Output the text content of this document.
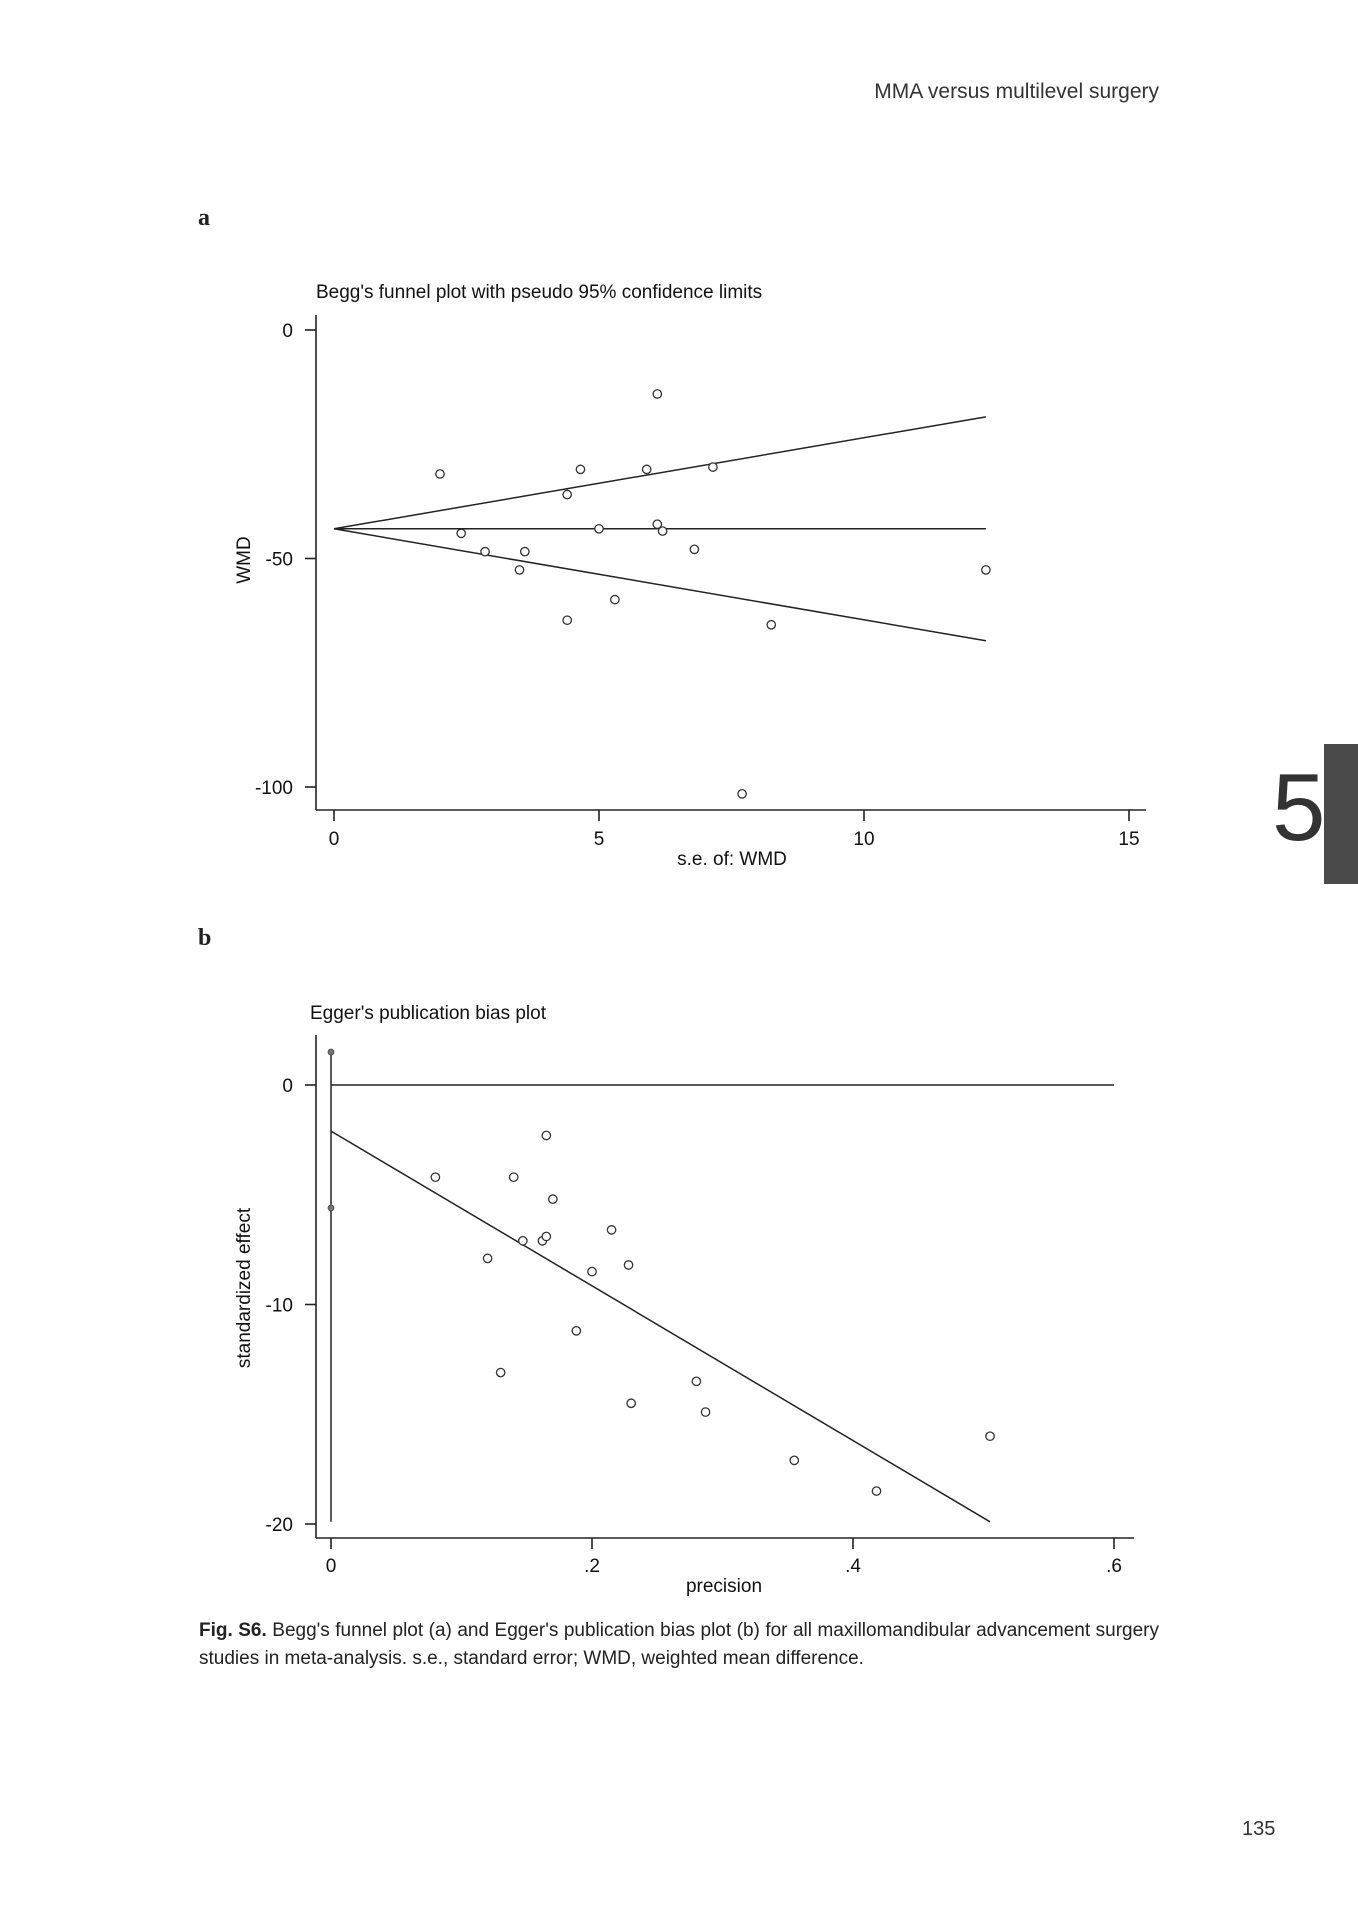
MMA versus multilevel surgery
a
Begg's funnel plot with pseudo 95% confidence limits
0
-50
-100
0	5	10	15
s.e. of: WMD
WMD
b
Egger's publication bias plot
0
-10
-20
0	.2	.4	.6
precision
standardized effect
5
Fig. S6. Begg's funnel plot (a) and Egger's publication bias plot (b) for all maxillomandibular advancement surgery studies in meta-analysis. s.e., standard error; WMD, weighted mean difference.
135
